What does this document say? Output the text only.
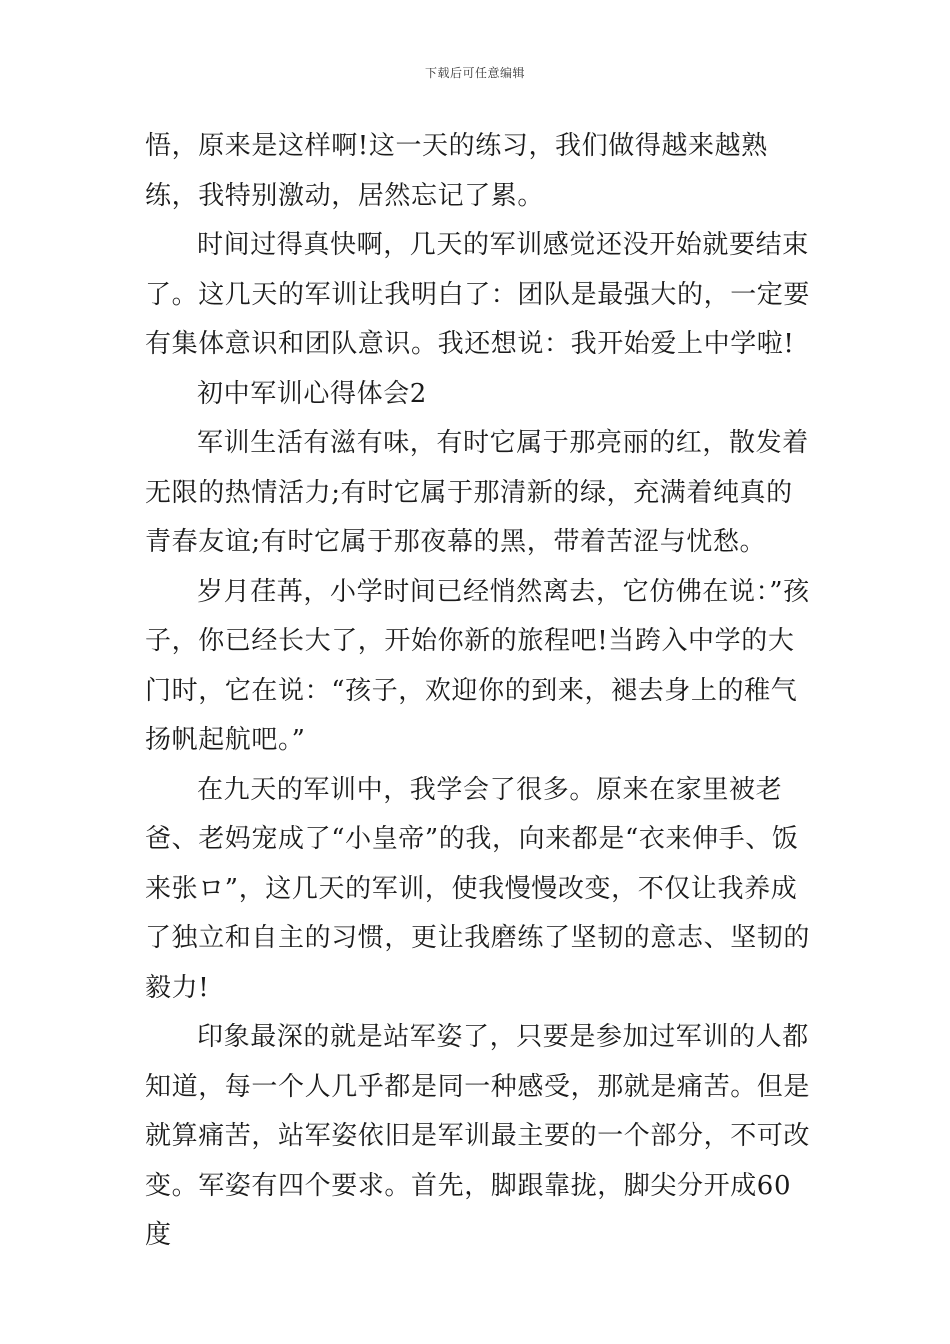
下载后可任意编辑

悟，原来是这样啊!这一天的练习，我们做得越来越熟练，我特别激动，居然忘记了累。

时间过得真快啊，几天的军训感觉还没开始就要结束了。这几天的军训让我明白了：团队是最强大的，一定要有集体意识和团队意识。我还想说：我开始爱上中学啦!

初中军训心得体会2

军训生活有滋有味，有时它属于那亮丽的红，散发着无限的热情活力;有时它属于那清新的绿，充满着纯真的青春友谊;有时它属于那夜幕的黑，带着苦涩与忧愁。

岁月荏苒，小学时间已经悄然离去，它仿佛在说：”孩子，你已经长大了，开始你新的旅程吧!当跨入中学的大门时，它在说：“孩子，欢迎你的到来，褪去身上的稚气扬帆起航吧。”

在九天的军训中，我学会了很多。原来在家里被老爸、老妈宠成了“小皇帝”的我，向来都是“衣来伸手、饭来张ロ”，这几天的军训，使我慢慢改变，不仅让我养成了独立和自主的习惯，更让我磨练了坚韧的意志、坚韧的毅力!

印象最深的就是站军姿了，只要是参加过军训的人都知道，每一个人几乎都是同一种感受，那就是痛苦。但是就算痛苦，站军姿依旧是军训最主要的一个部分，不可改变。军姿有四个要求。首先，脚跟靠拢，脚尖分开成60度
